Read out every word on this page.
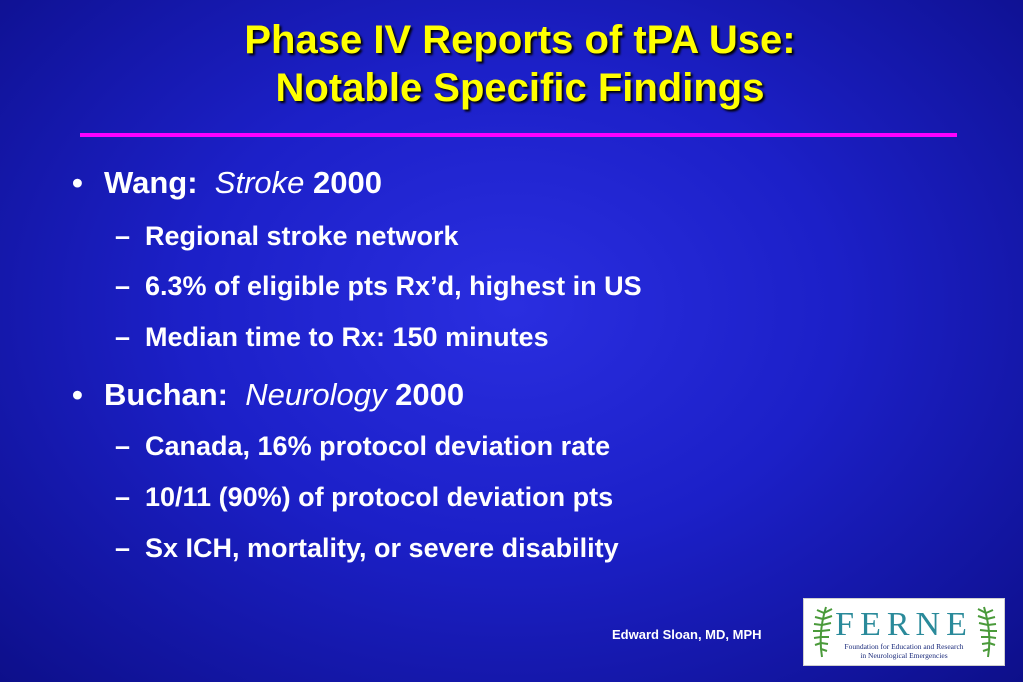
Phase IV Reports of tPA Use:
Notable Specific Findings
• Wang: Stroke 2000
– Regional stroke network
– 6.3% of eligible pts Rx’d, highest in US
– Median time to Rx: 150 minutes
• Buchan: Neurology 2000
– Canada, 16% protocol deviation rate
– 10/11 (90%) of protocol deviation pts
– Sx ICH, mortality, or severe disability
Edward Sloan, MD, MPH FERNE
Foundation for Education and Research
in Neurological Emergencies
